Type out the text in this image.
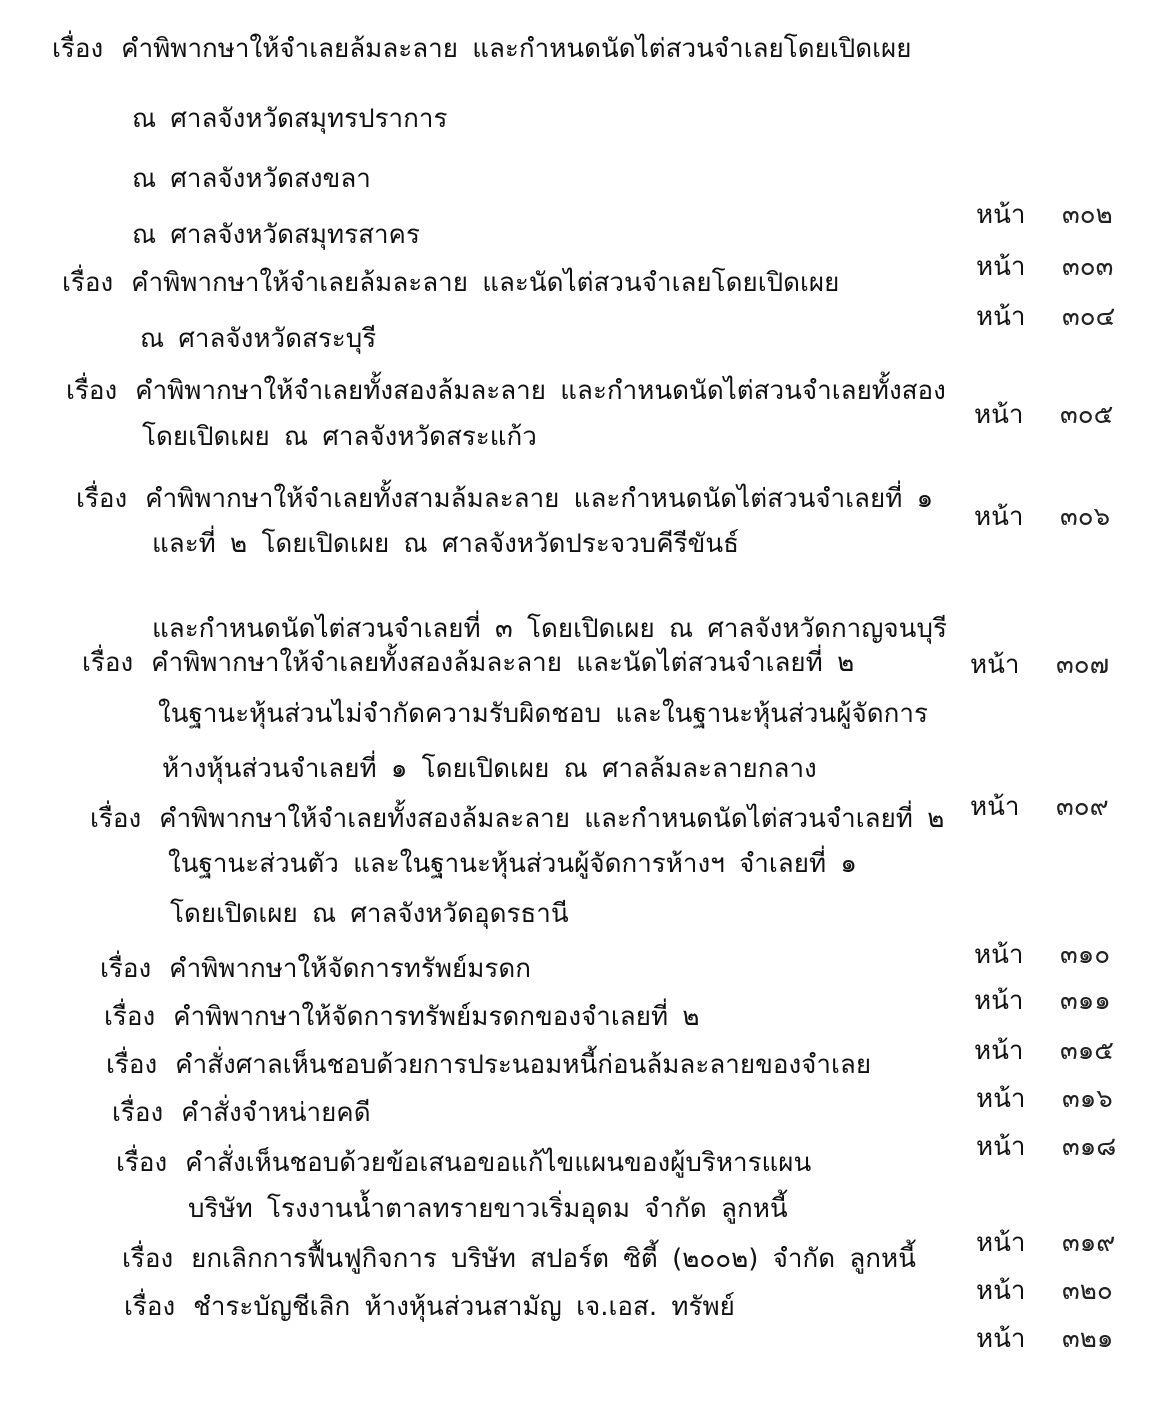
เรื่อง คำพิพากษาให้จำเลยล้มละลาย และกำหนดนัดไต่สวนจำเลยโดยเปิดเผย
ณ ศาลจังหวัดสมุทรปราการ
ณ ศาลจังหวัดสงขลา
ณ ศาลจังหวัดสมุทรสาคร
เรื่อง คำพิพากษาให้จำเลยล้มละลาย และนัดไต่สวนจำเลยโดยเปิดเผย
ณ ศาลจังหวัดสระบุรี
เรื่อง คำพิพากษาให้จำเลยทั้งสองล้มละลาย และกำหนดนัดไต่สวนจำเลยทั้งสอง
โดยเปิดเผย ณ ศาลจังหวัดสระแก้ว
เรื่อง คำพิพากษาให้จำเลยทั้งสามล้มละลาย และกำหนดนัดไต่สวนจำเลยที่ ๑
และที่ ๒ โดยเปิดเผย ณ ศาลจังหวัดประจวบคีรีขันธ์
และกำหนดนัดไต่สวนจำเลยที่ ๓ โดยเปิดเผย ณ ศาลจังหวัดกาญจนบุรี
เรื่อง คำพิพากษาให้จำเลยทั้งสองล้มละลาย และนัดไต่สวนจำเลยที่ ๒
ในฐานะหุ้นส่วนไม่จำกัดความรับผิดชอบ และในฐานะหุ้นส่วนผู้จัดการ
ห้างหุ้นส่วนจำเลยที่ ๑ โดยเปิดเผย ณ ศาลล้มละลายกลาง
เรื่อง คำพิพากษาให้จำเลยทั้งสองล้มละลาย และกำหนดนัดไต่สวนจำเลยที่ ๒
ในฐานะส่วนตัว และในฐานะหุ้นส่วนผู้จัดการห้างฯ จำเลยที่ ๑
โดยเปิดเผย ณ ศาลจังหวัดอุดรธานี
เรื่อง คำพิพากษาให้จัดการทรัพย์มรดก
เรื่อง คำพิพากษาให้จัดการทรัพย์มรดกของจำเลยที่ ๒
เรื่อง คำสั่งศาลเห็นชอบด้วยการประนอมหนี้ก่อนล้มละลายของจำเลย
เรื่อง คำสั่งจำหน่ายคดี
เรื่อง คำสั่งเห็นชอบด้วยข้อเสนอขอแก้ไขแผนของผู้บริหารแผน
บริษัท โรงงานน้ำตาลทรายขาวเริ่มอุดม จำกัด ลูกหนี้
เรื่อง ยกเลิกการฟื้นฟูกิจการ บริษัท สปอร์ต ซิตี้ (๒๐๐๒) จำกัด ลูกหนี้
เรื่อง ชำระบัญชีเลิก ห้างหุ้นส่วนสามัญ เจ.เอส. ทรัพย์
หน้า ๓๐๒
หน้า ๓๐๓
หน้า ๓๐๔
หน้า ๓๐๕
หน้า ๓๐๖
หน้า ๓๐๗
หน้า ๓๐๙
หน้า ๓๑๐
หน้า ๓๑๑
หน้า ๓๑๕
หน้า ๓๑๖
หน้า ๓๑๘
หน้า ๓๑๙
หน้า ๓๒๐
หน้า ๓๒๑
